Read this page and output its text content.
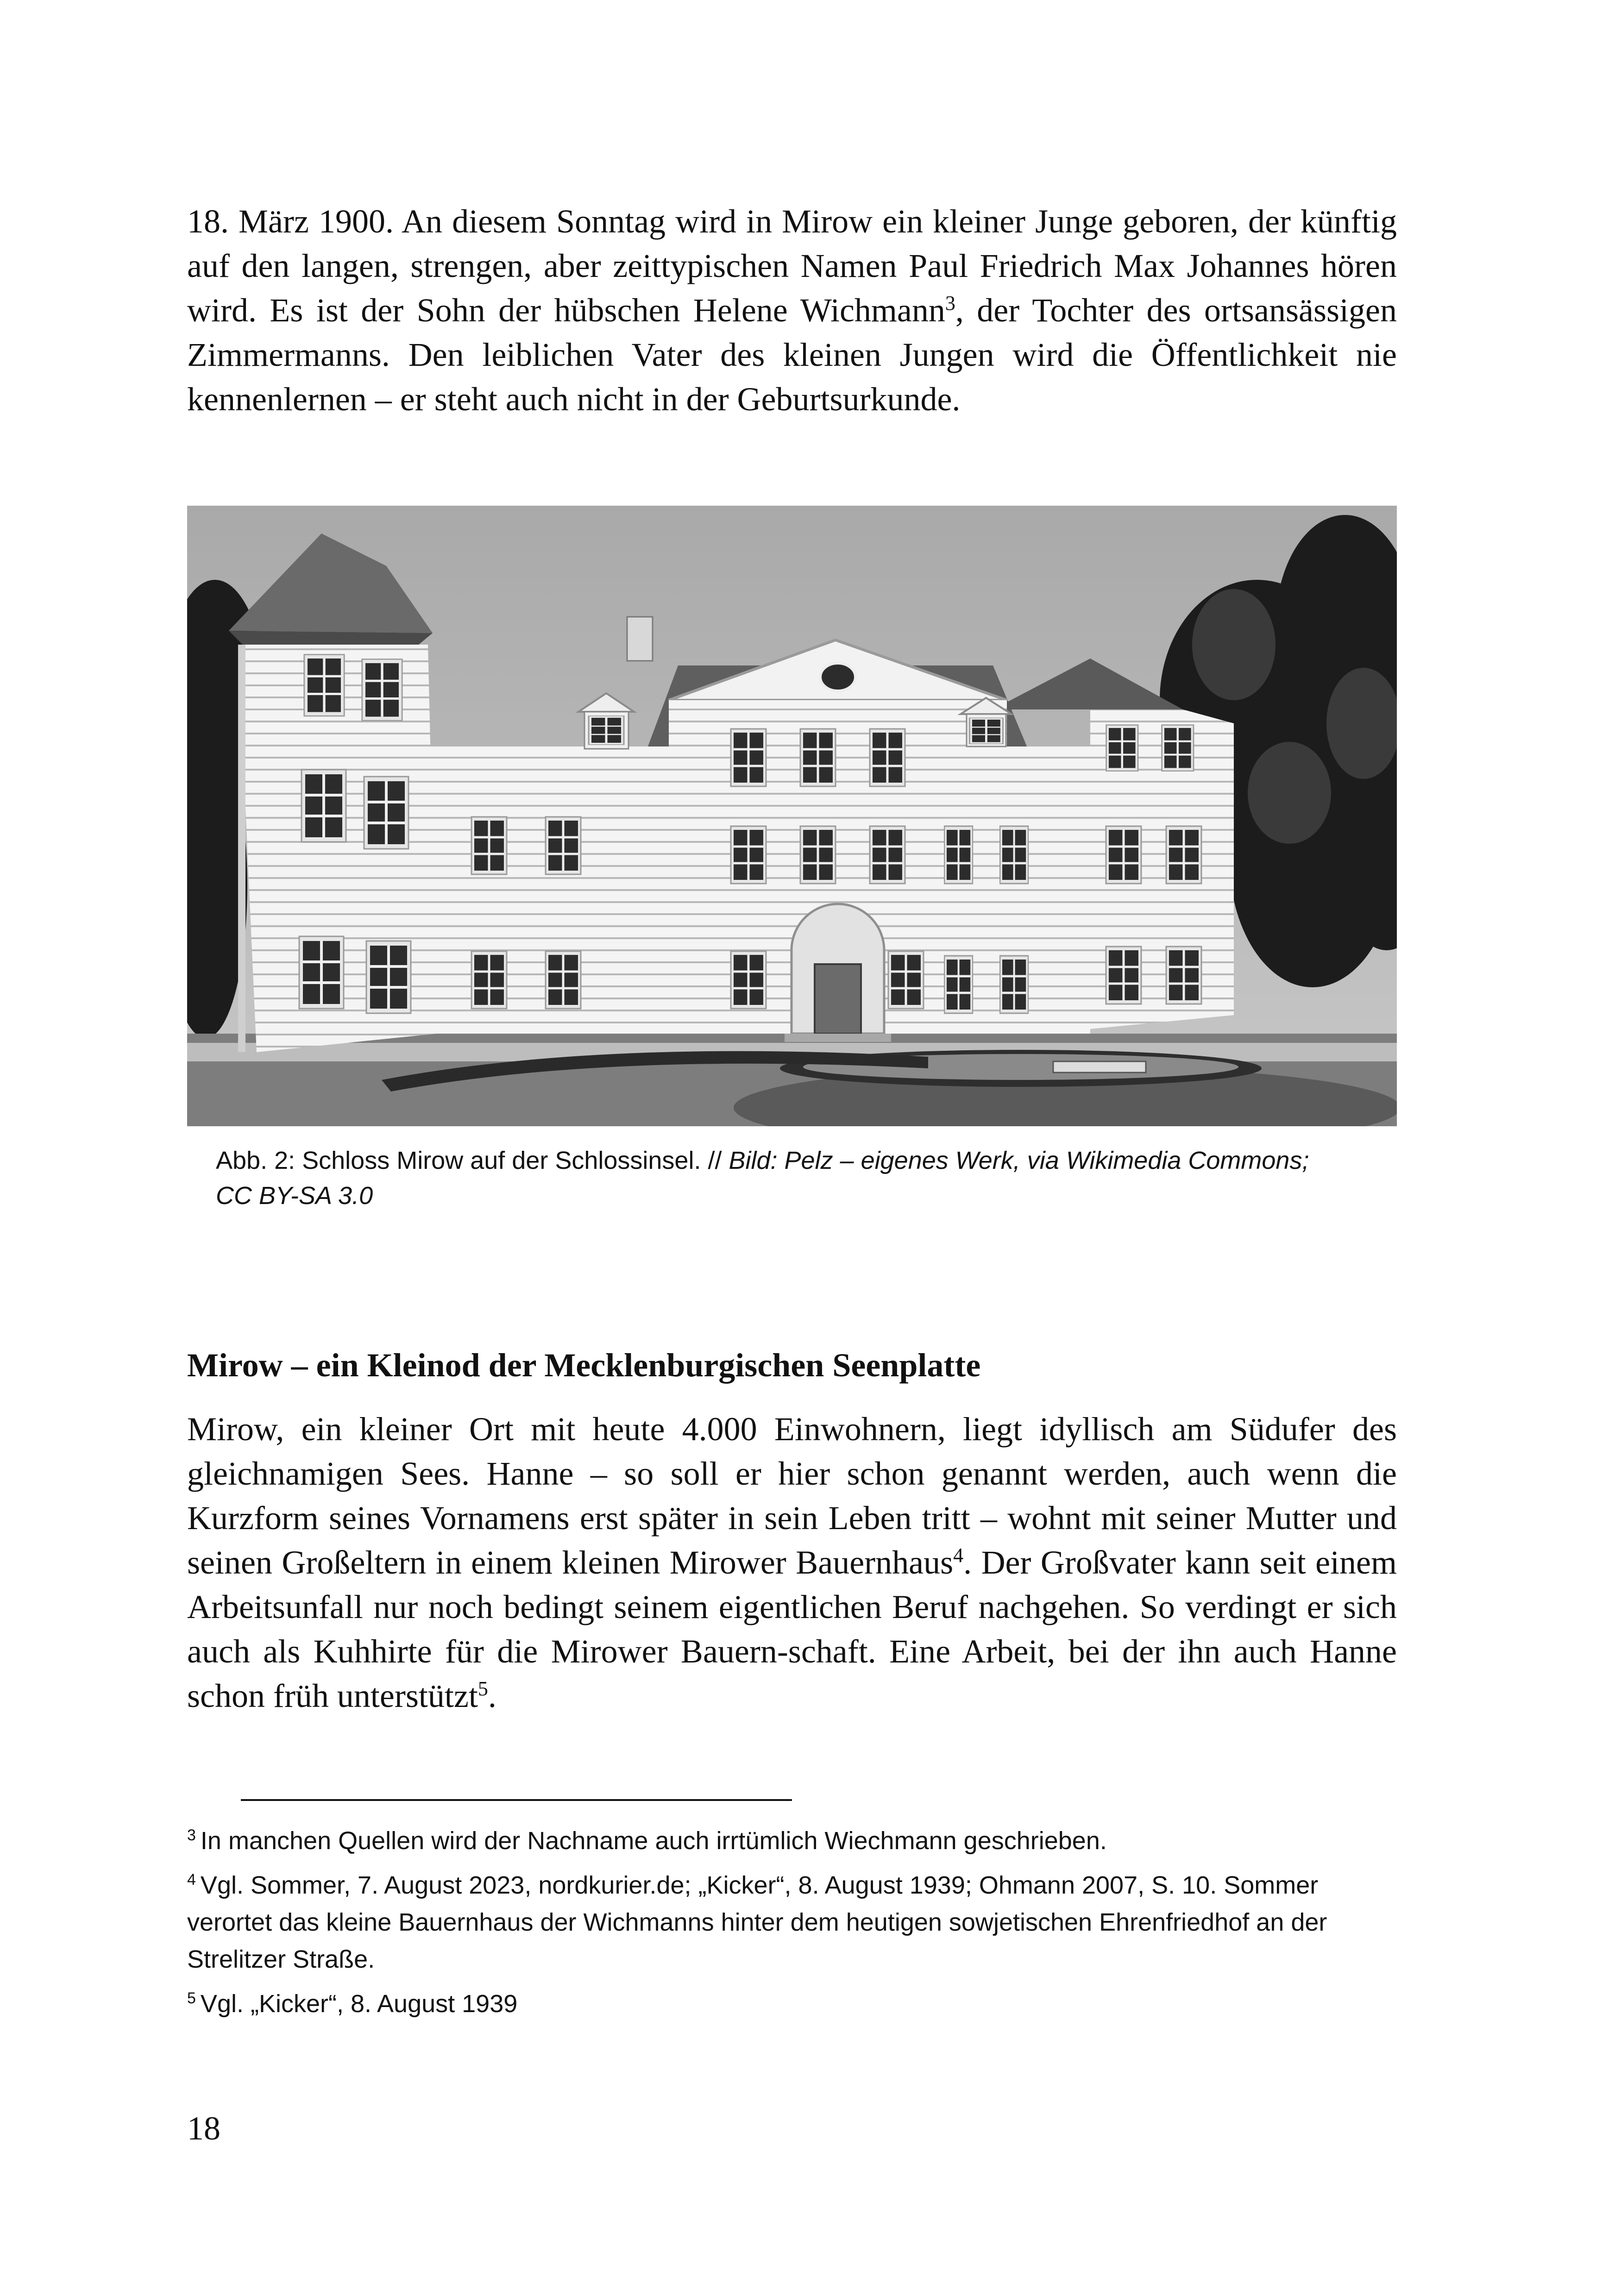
18. März 1900. An diesem Sonntag wird in Mirow ein kleiner Junge geboren, der künftig auf den langen, strengen, aber zeittypischen Namen Paul Friedrich Max Johannes hören wird. Es ist der Sohn der hübschen Helene Wichmann$^3$, der Tochter des ortsansässigen Zimmermanns. Den leiblichen Vater des kleinen Jungen wird die Öffentlichkeit nie kennenlernen – er steht auch nicht in der Geburtsurkunde.

Abb. 2: Schloss Mirow auf der Schlossinsel. // Bild: Pelz – eigenes Werk, via Wikimedia Commons; CC BY-SA 3.0

Mirow – ein Kleinod der Mecklenburgischen Seenplatte

Mirow, ein kleiner Ort mit heute 4.000 Einwohnern, liegt idyllisch am Südufer des gleichnamigen Sees. Hanne – so soll er hier schon genannt werden, auch wenn die Kurzform seines Vornamens erst später in sein Leben tritt – wohnt mit seiner Mutter und seinen Großeltern in einem kleinen Mirower Bauernhaus$^4$. Der Großvater kann seit einem Arbeitsunfall nur noch bedingt seinem eigentlichen Beruf nachgehen. So verdingt er sich auch als Kuhhirte für die Mirower Bauern-schaft. Eine Arbeit, bei der ihn auch Hanne schon früh unterstützt$^5$.

$^3$ In manchen Quellen wird der Nachname auch irrtümlich Wiechmann geschrieben.

$^4$ Vgl. Sommer, 7. August 2023, nordkurier.de; „Kicker“, 8. August 1939; Ohmann 2007, S. 10. Sommer verortet das kleine Bauernhaus der Wichmanns hinter dem heutigen sowjetischen Ehrenfriedhof an der Strelitzer Straße.

$^5$ Vgl. „Kicker“, 8. August 1939

18
